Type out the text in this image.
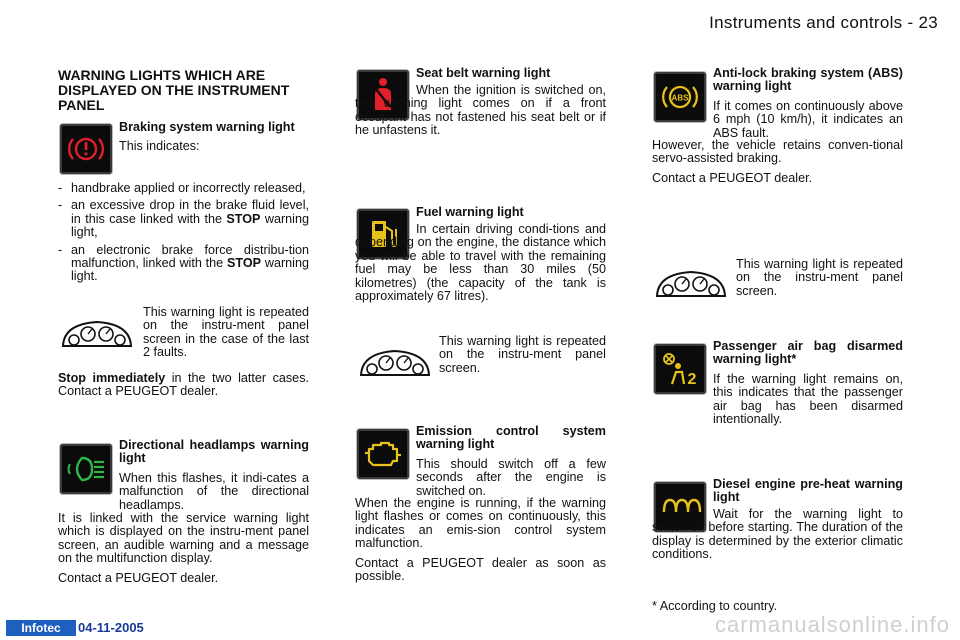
Instruments and controls - 23
WARNING LIGHTS WHICH ARE DISPLAYED ON THE INSTRUMENT PANEL

Braking system warning light

This indicates:

- handbrake applied or incorrectly released,
- an excessive drop in the brake fluid level, in this case linked with the STOP warning light,
- an electronic brake force distribu-tion malfunction, linked with the STOP warning light.

This warning light is repeated on the instru-ment panel screen in the case of the last 2 faults.

Stop immediately in the two latter cases. Contact a PEUGEOT dealer.

Directional headlamps warning light

When this flashes, it indi-cates a malfunction of the directional headlamps.

It is linked with the service warning light which is displayed on the instru-ment panel screen, an audible warning and a message on the multifunction display.

Contact a PEUGEOT dealer.

Seat belt warning light

When the ignition is switched on, the warning light comes on if a front occupant has not fastened his seat belt or if he unfastens it.

Fuel warning light

In certain driving condi-tions and depending on the engine, the distance which you will be able to travel with the remaining fuel may be less than 30 miles (50 kilometres) (the capacity of the tank is approximately 67 litres).

This warning light is repeated on the instru-ment panel screen.

Emission control system warning light

This should switch off a few seconds after the engine is switched on.

When the engine is running, if the warning light flashes or comes on continuously, this indicates an emis-sion control system malfunction.

Contact a PEUGEOT dealer as soon as possible.

ABS

Anti-lock braking system (ABS) warning light

If it comes on continuously above 6 mph (10 km/h), it indicates an ABS fault.

However, the vehicle retains conven-tional servo-assisted braking.

Contact a PEUGEOT dealer.

This warning light is repeated on the instru-ment panel screen.

2

Passenger air bag disarmed warning light*

If the warning light remains on, this indicates that the passenger air bag has been disarmed intentionally.

Diesel engine pre-heat warning light

Wait for the warning light to switch off before starting. The duration of the display is determined by the exterior climatic conditions.

* According to country.

Infotec	04-11-2005	carmanualsonline.info
